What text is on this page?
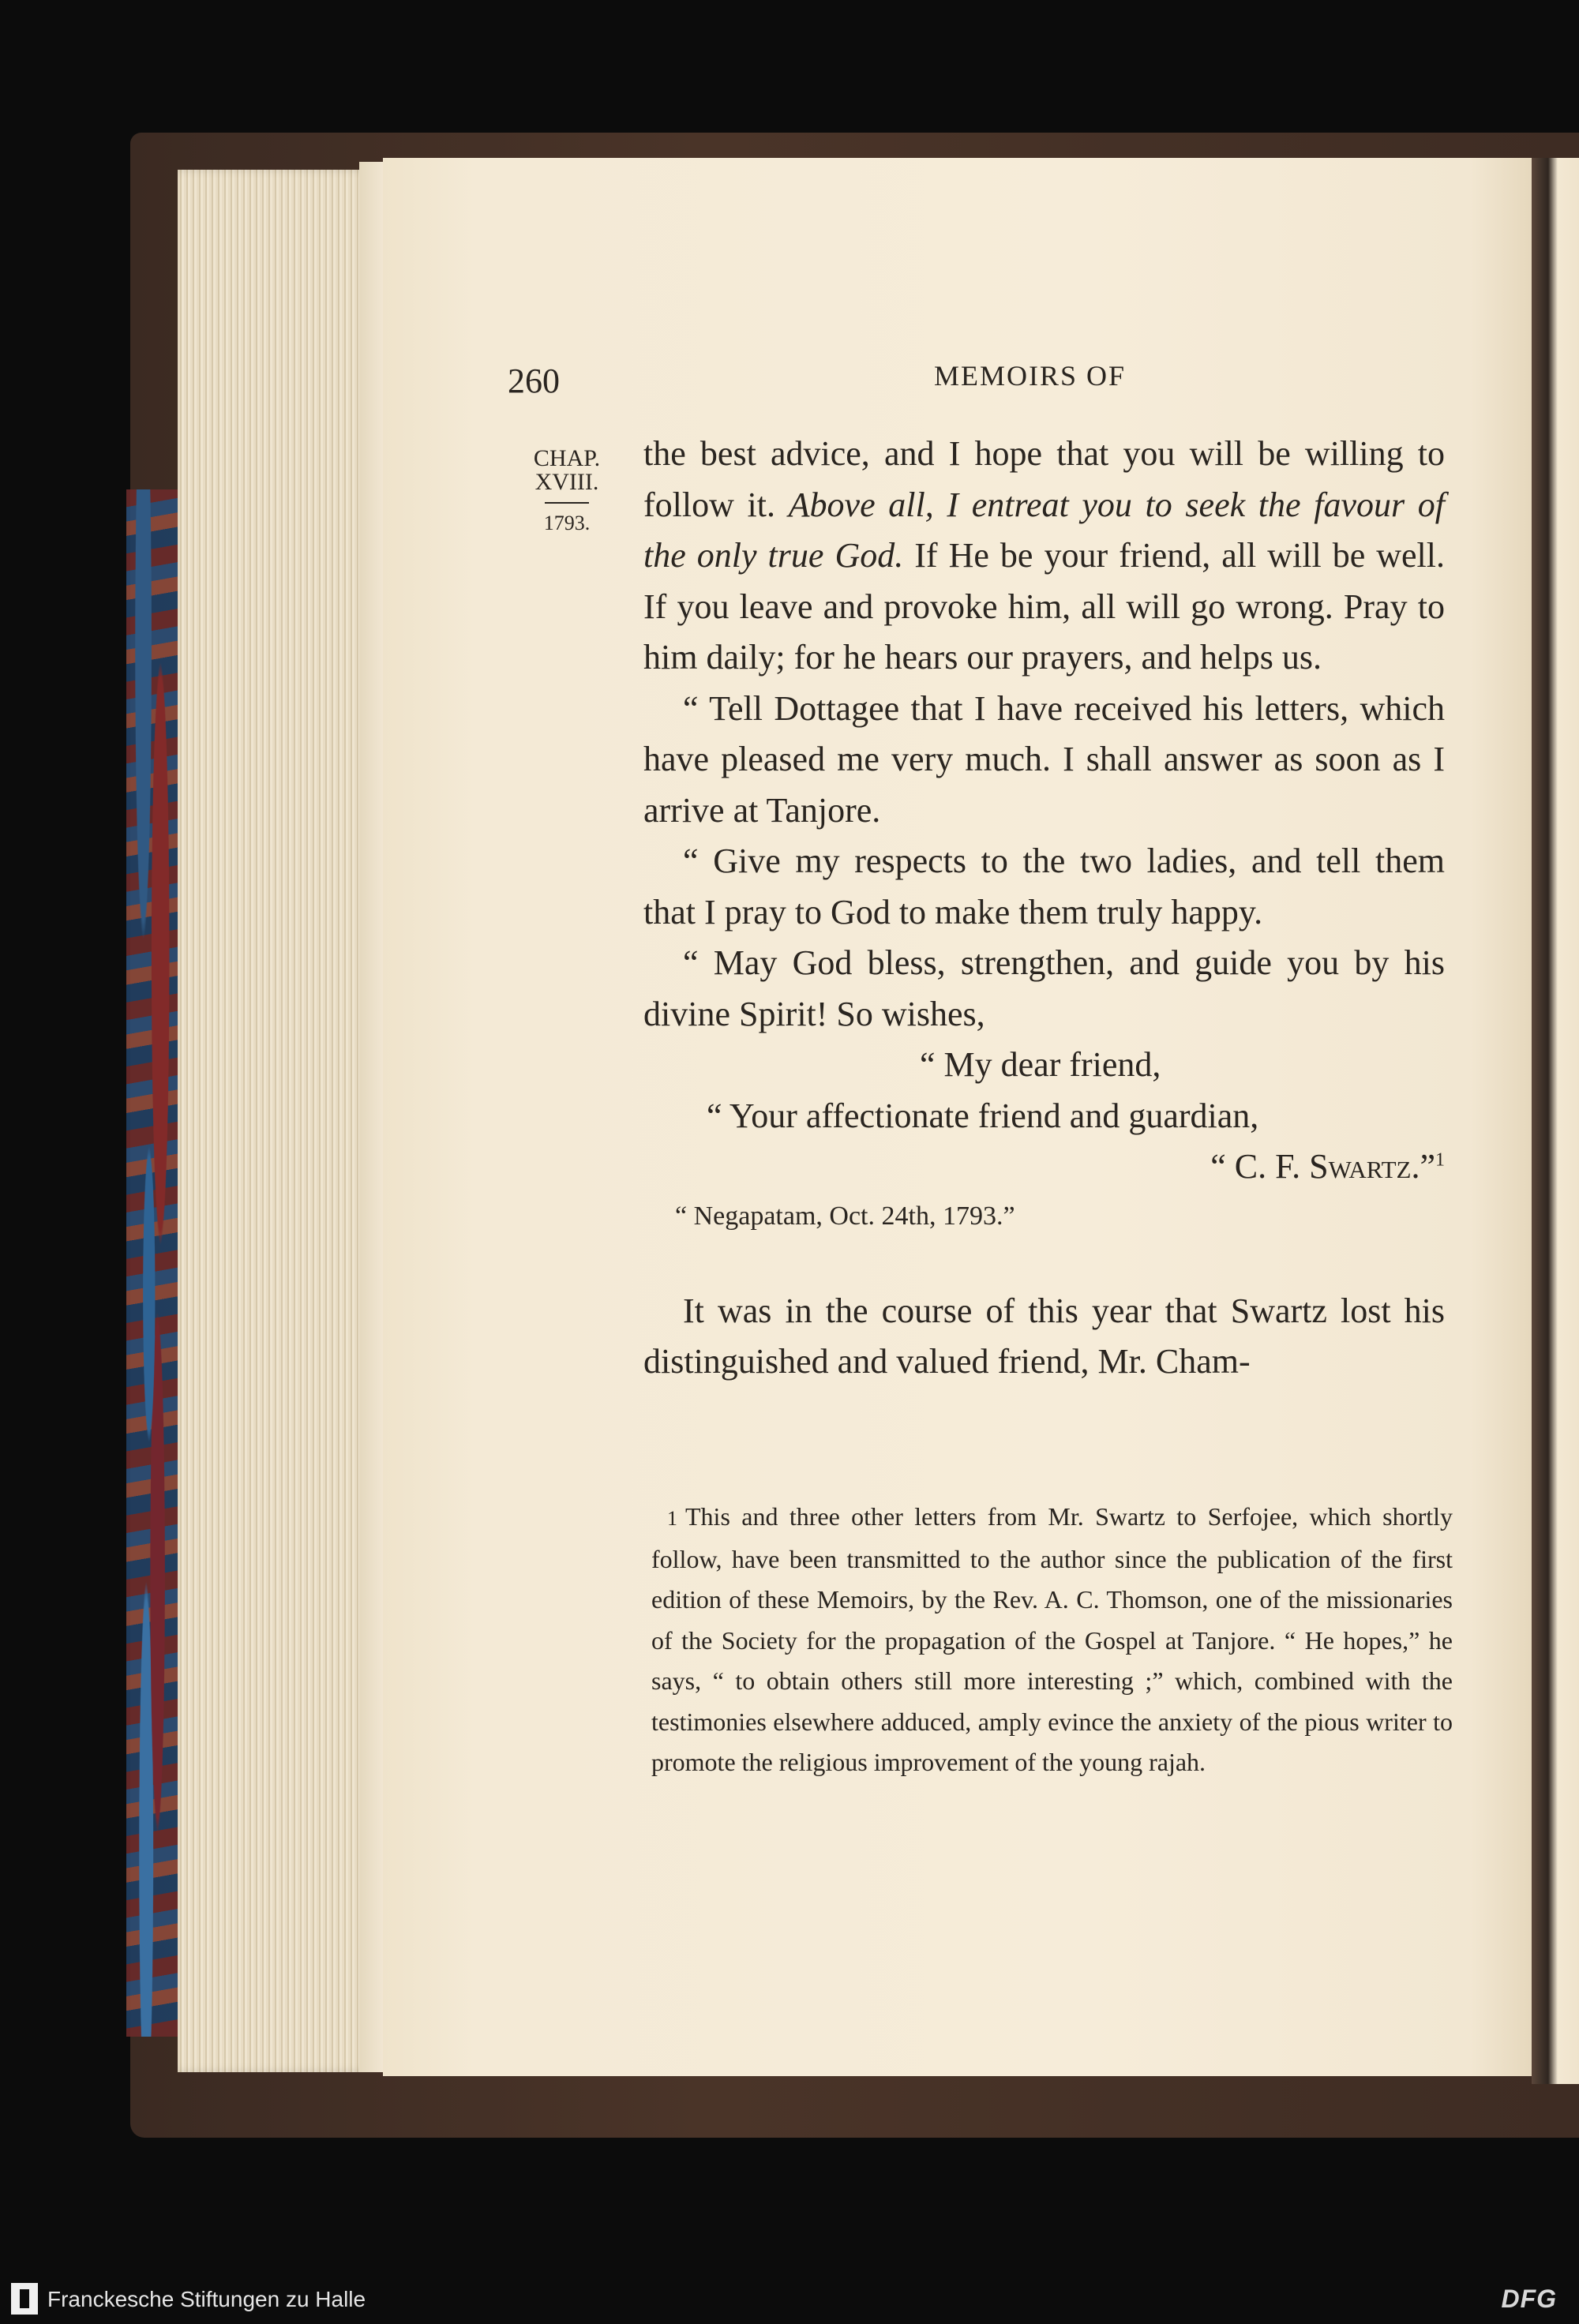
260	MEMOIRS OF
CHAP.
XVIII.
1793.

the best advice, and I hope that you will be willing to follow it. Above all, I entreat you to seek the favour of the only true God. If He be your friend, all will be well. If you leave and provoke him, all will go wrong. Pray to him daily; for he hears our prayers, and helps us.

“ Tell Dottagee that I have received his letters, which have pleased me very much. I shall answer as soon as I arrive at Tanjore.

“ Give my respects to the two ladies, and tell them that I pray to God to make them truly happy.

“ May God bless, strengthen, and guide you by his divine Spirit! So wishes,

“ My dear friend,

“ Your affectionate friend and guardian,

“ C. F. Swartz.”$^1$

“ Negapatam, Oct. 24th, 1793.”

It was in the course of this year that Swartz lost his distinguished and valued friend, Mr. Cham-

1 This and three other letters from Mr. Swartz to Serfojee, which shortly follow, have been transmitted to the author since the publication of the first edition of these Memoirs, by the Rev. A. C. Thomson, one of the missionaries of the Society for the propagation of the Gospel at Tanjore. “ He hopes,” he says, “ to obtain others still more interesting ;” which, combined with the testimonies elsewhere adduced, amply evince the anxiety of the pious writer to promote the religious improvement of the young rajah.
Franckesche Stiftungen zu Halle	DFG
